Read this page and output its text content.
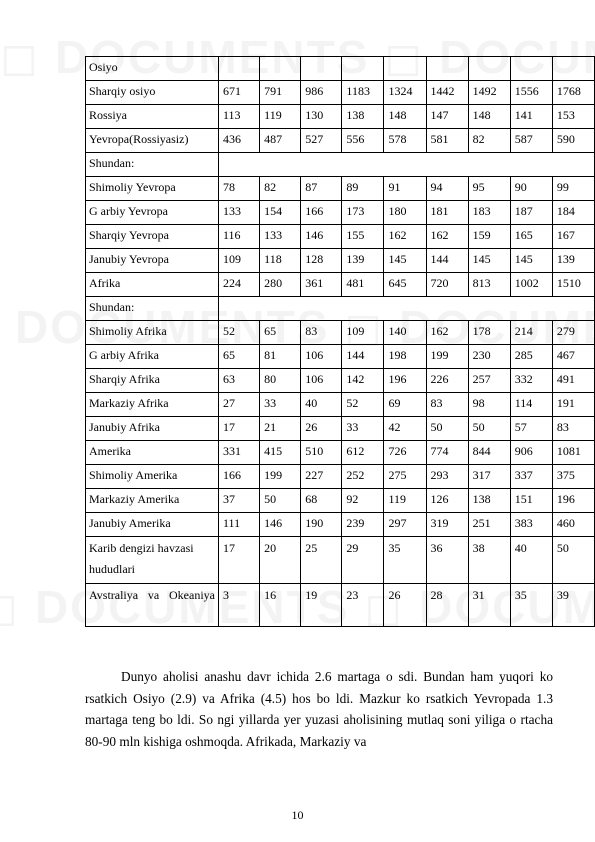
Osiyo									
Sharqiy osiyo	671	791	986	1183	1324	1442	1492	1556	1768
Rossiya	113	119	130	138	148	147	148	141	153
Yevropa(Rossiyasiz)	436	487	527	556	578	581	82	587	590
Shundan:									
Shimoliy Yevropa	78	82	87	89	91	94	95	90	99
G arbiy Yevropa	133	154	166	173	180	181	183	187	184
Sharqiy Yevropa	116	133	146	155	162	162	159	165	167
Janubiy Yevropa	109	118	128	139	145	144	145	145	139
Afrika	224	280	361	481	645	720	813	1002	1510
Shundan:									
Shimoliy Afrika	52	65	83	109	140	162	178	214	279
G arbiy Afrika	65	81	106	144	198	199	230	285	467
Sharqiy Afrika	63	80	106	142	196	226	257	332	491
Markaziy Afrika	27	33	40	52	69	83	98	114	191
Janubiy Afrika	17	21	26	33	42	50	50	57	83
Amerika	331	415	510	612	726	774	844	906	1081
Shimoliy Amerika	166	199	227	252	275	293	317	337	375
Markaziy Amerika	37	50	68	92	119	126	138	151	196
Janubiy Amerika	111	146	190	239	297	319	251	383	460
Karib dengizi havzasi hududlari	17	20	25	29	35	36	38	40	50
Avstraliya va Okeaniya	3	16	19	23	26	28	31	35	39
Dunyo aholisi anashu davr ichida 2.6 martaga o sdi. Bundan ham yuqori ko rsatkich Osiyo (2.9) va Afrika (4.5) hos bo ldi. Mazkur ko rsatkich Yevropada 1.3 martaga teng bo ldi. So ngi yillarda yer yuzasi aholisining mutlaq soni yiliga o rtacha 80-90 mln kishiga oshmoqda. Afrikada, Markaziy va
10
